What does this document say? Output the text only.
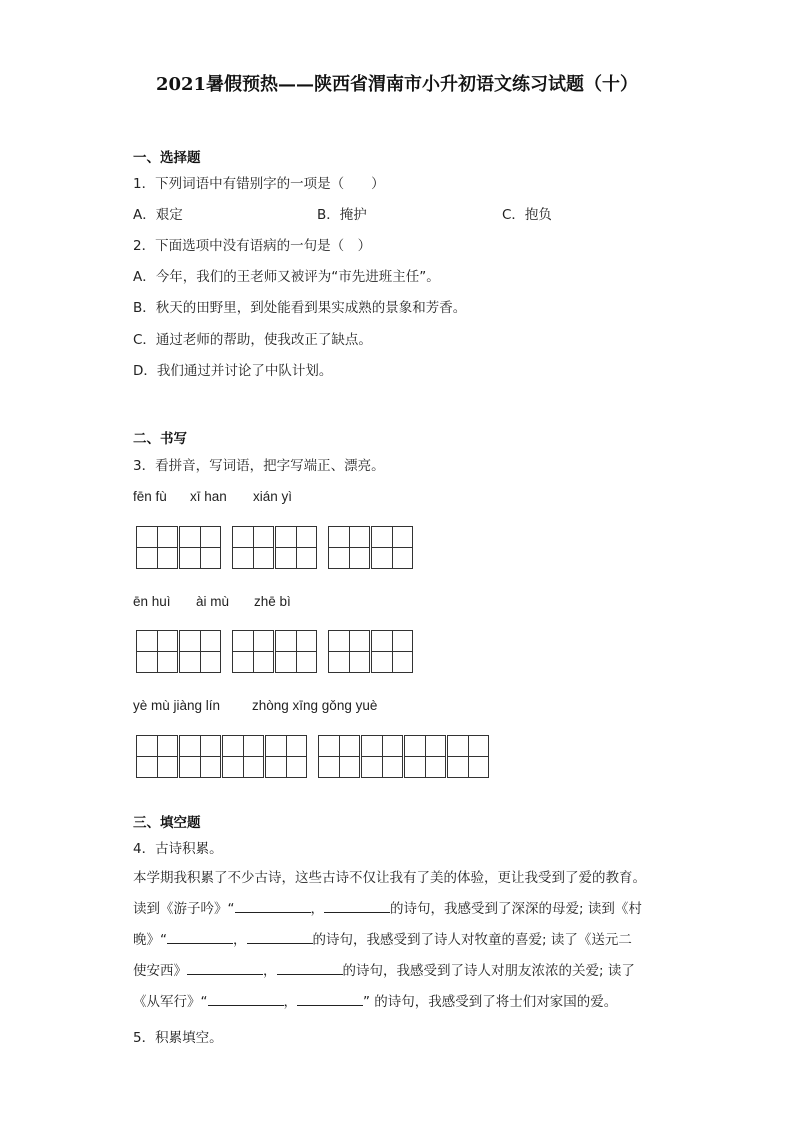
2021暑假预热——陕西省渭南市小升初语文练习试题（十）
一、选择题
1．下列词语中有错别字的一项是（　　）
A．艰定	B．掩护	C．抱负
2．下面选项中没有语病的一句是（　）
A．今年，我们的王老师又被评为“市先进班主任”。
B．秋天的田野里，到处能看到果实成熟的景象和芳香。
C．通过老师的帮助，使我改正了缺点。
D．我们通过并讨论了中队计划。
二、书写
3．看拼音，写词语，把字写端正、漂亮。
fēn fù xī han xián yì
ēn huì ài mù zhē bì
yè mù jiàng lín zhòng xīng gǒng yuè
三、填空题
4．古诗积累。
本学期我积累了不少古诗，这些古诗不仅让我有了美的体验，更让我受到了爱的教育。
读到《游子吟》“	，	的诗句，我感受到了深深的母爱; 读到《村
晚》“	，	的诗句，我感受到了诗人对牧童的喜爱; 读了《送元二
使安西》	，	的诗句，我感受到了诗人对朋友浓浓的关爱; 读了
《从军行》“	，	” 的诗句，我感受到了将士们对家国的爱。
5．积累填空。
